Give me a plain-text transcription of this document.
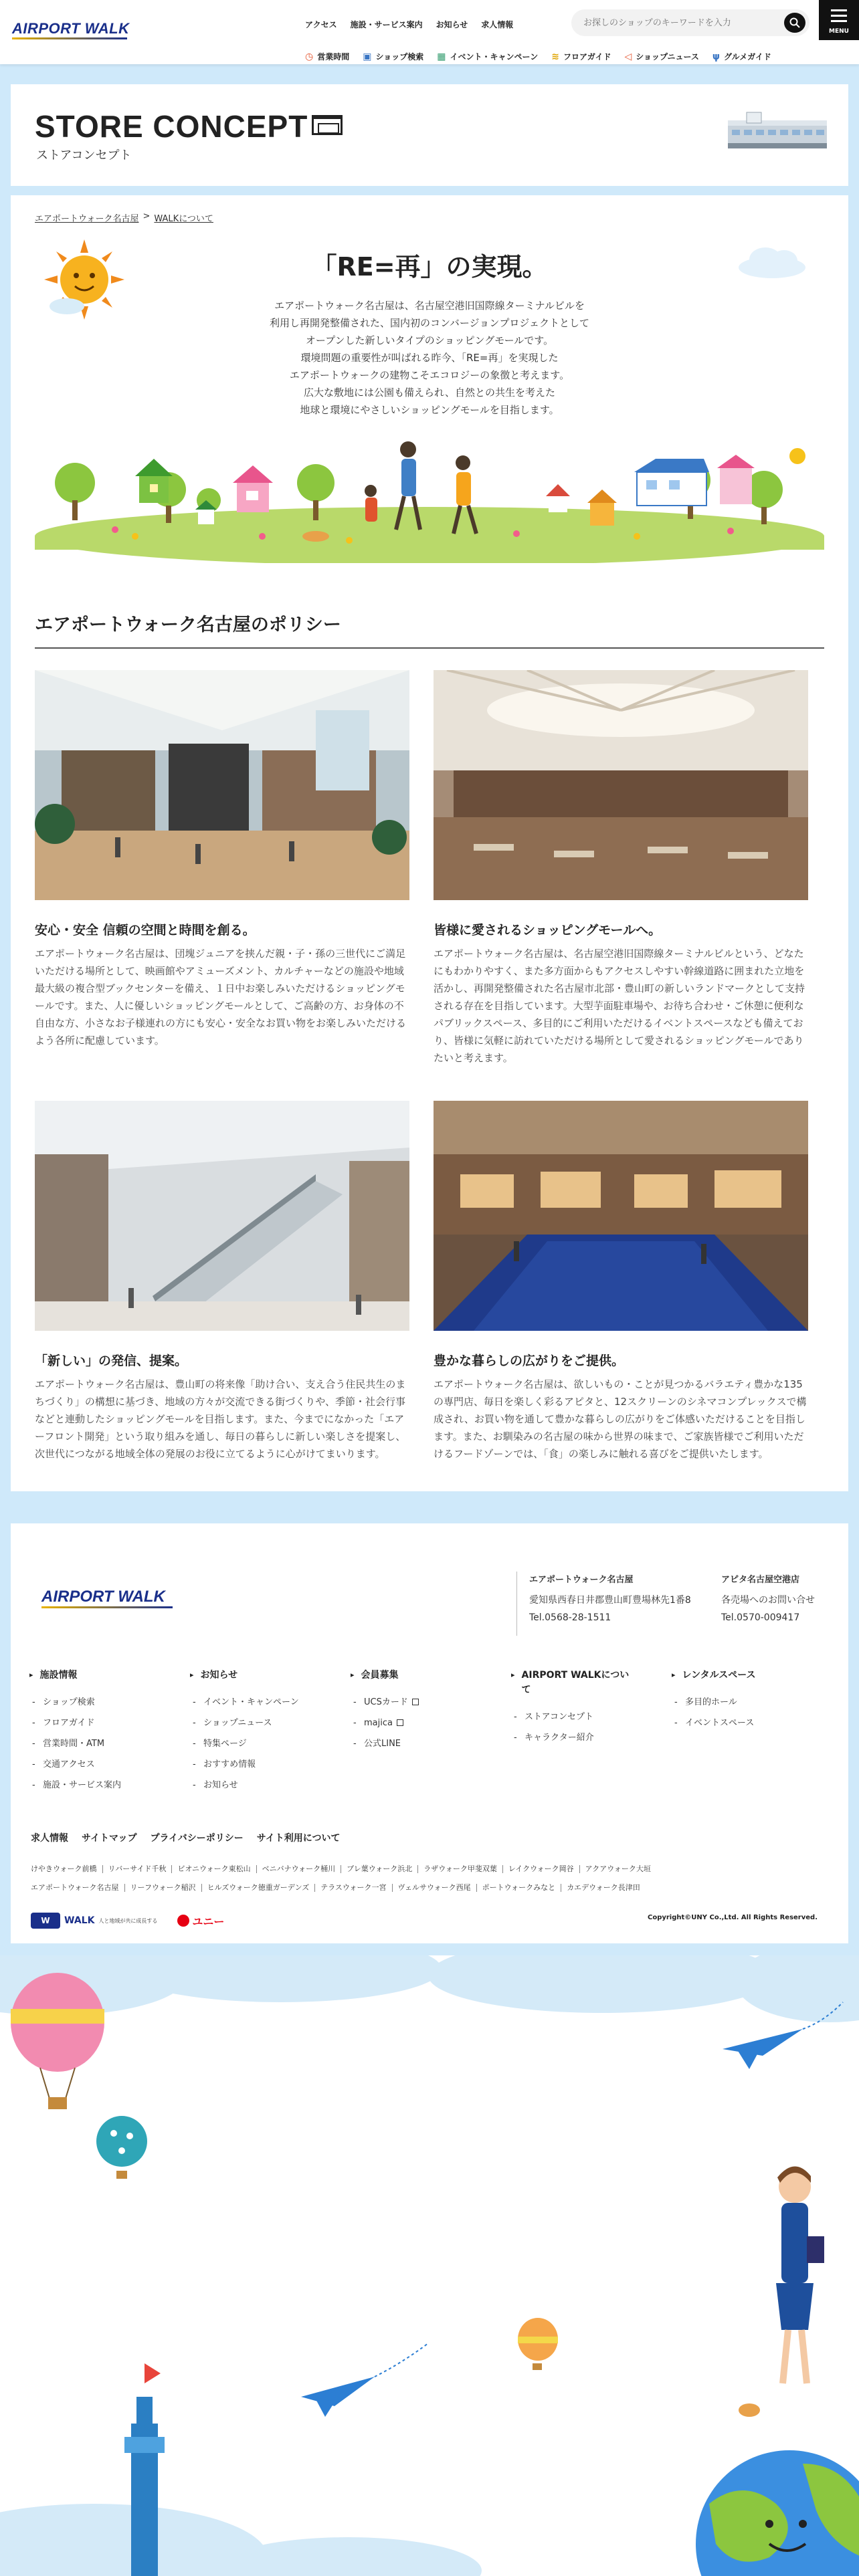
AIRPORT WALK	アクセス 施設・サービス案内 お知らせ 求人情報
お探しのショップのキーワードを入力
MENU
◷ 営業時間 ▣ ショップ検索 ▦ イベント・キャンペーン ≋ フロアガイド ◁ ショップニュース ψ グルメガイド
STORE CONCEPT
ストアコンセプト
エアポートウォーク名古屋 > WALKについて
「RE=再」の実現。
エアポートウォーク名古屋は、名古屋空港旧国際線ターミナルビルを
利用し再開発整備された、国内初のコンバージョンプロジェクトとして
オープンした新しいタイプのショッピングモールです。
環境問題の重要性が叫ばれる昨今、「RE=再」を実現した
エアポートウォークの建物こそエコロジーの象徴と考えます。
広大な敷地には公園も備えられ、自然との共生を考えた
地球と環境にやさしいショッピングモールを目指します。
エアポートウォーク名古屋のポリシー
安心・安全 信頼の空間と時間を創る。

エアポートウォーク名古屋は、団塊ジュニアを挟んだ親・子・孫の三世代にご満足いただける場所として、映画館やアミューズメント、カルチャーなどの施設や地域最大級の複合型ブックセンターを備え、１日中お楽しみいただけるショッピングモールです。また、人に優しいショッピングモールとして、ご高齢の方、お身体の不自由な方、小さなお子様連れの方にも安心・安全なお買い物をお楽しみいただけるよう各所に配慮しています。

皆様に愛されるショッピングモールへ。

エアポートウォーク名古屋は、名古屋空港旧国際線ターミナルビルという、どなたにもわかりやすく、また多方面からもアクセスしやすい幹線道路に囲まれた立地を活かし、再開発整備された名古屋市北部・豊山町の新しいランドマークとして支持される存在を目指しています。大型芋面駐車場や、お待ち合わせ・ご休憩に便利なパブリックスペース、多目的にご利用いただけるイベントスペースなども備えており、皆様に気軽に訪れていただける場所として愛されるショッピングモールでありたいと考えます。

「新しい」の発信、提案。

エアポートウォーク名古屋は、豊山町の将来像「助け合い、支え合う住民共生のまちづくり」の構想に基づき、地域の方々が交流できる街づくりや、季節・社会行事などと連動したショッピングモールを目指します。また、今までになかった「エアーフロント開発」という取り組みを通し、毎日の暮らしに新しい楽しさを提案し、次世代につながる地域全体の発展のお役に立てるように心がけてまいります。

豊かな暮らしの広がりをご提供。

エアポートウォーク名古屋は、欲しいもの・ことが見つかるバラエティ豊かな135の専門店、毎日を楽しく彩るアピタと、12スクリーンのシネマコンプレックスで構成され、お買い物を通して豊かな暮らしの広がりをご体感いただけることを目指します。また、お馴染みの名古屋の味から世界の味まで、ご家族皆様でご利用いただけるフードゾーンでは、「食」の楽しみに触れる喜びをご提供いたします。

AIRPORT WALK
エアポートウォーク名古屋
愛知県西春日井郡豊山町豊場林先1番8
Tel.0568-28-1511
アピタ名古屋空港店
各売場へのお問い合せ
Tel.0570-009417
▸ 施設情報
- ショップ検索
- フロアガイド
- 営業時間・ATM
- 交通アクセス
- 施設・サービス案内
▸ お知らせ
- イベント・キャンペーン
- ショップニュース
- 特集ページ
- おすすめ情報
- お知らせ
▸ 会員募集
- UCSカード
- majica
- 公式LINE
▸ AIRPORT WALKについて
- ストアコンセプト
- キャラクター紹介
▸ レンタルスペース
- 多目的ホール
- イベントスペース
求人情報 サイトマップ プライバシーポリシー サイト利用について
けやきウォーク前橋 リバーサイド千秋 ビオニウォーク東松山 ベニバナウォーク桶川 プレ葉ウォーク浜北 ラザウォーク甲斐双葉 レイクウォーク岡谷 アクアウォーク大垣
エアポートウォーク名古屋 リーフウォーク稲沢 ヒルズウォーク徳重ガーデンズ テラスウォーク一宮 ヴェルサウォーク西尾 ポートウォークみなと カエデウォーク長津田
W	WALK 人と地域が共に成長する	ユニー	Copyright©UNY Co.,Ltd. All Rights Reserved.
